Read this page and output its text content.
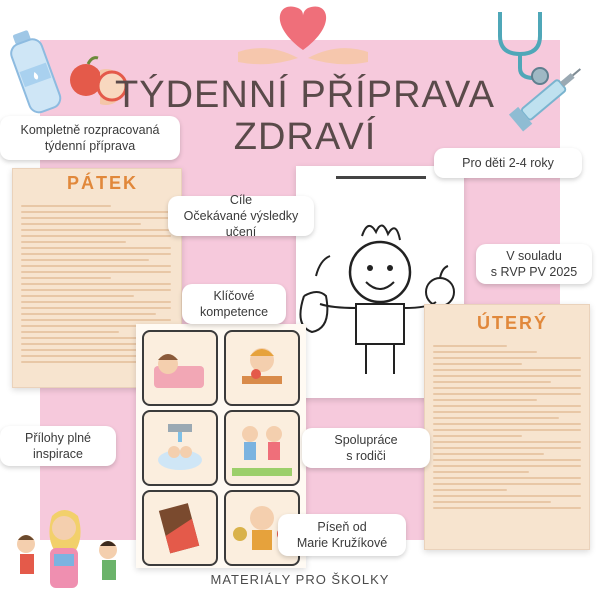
TÝDENNÍ PŘÍPRAVA
ZDRAVÍ
PÁTEK
ÚTERÝ
Kompletně rozpracovaná
týdenní příprava
Pro děti 2-4 roky
Cíle
Očekávané výsledky učení
V souladu
s RVP PV 2025
Klíčové
kompetence
Přílohy plné
inspirace
Spolupráce
s rodiči
Píseň od
Marie Kružíkové
MATERIÁLY PRO ŠKOLKY
